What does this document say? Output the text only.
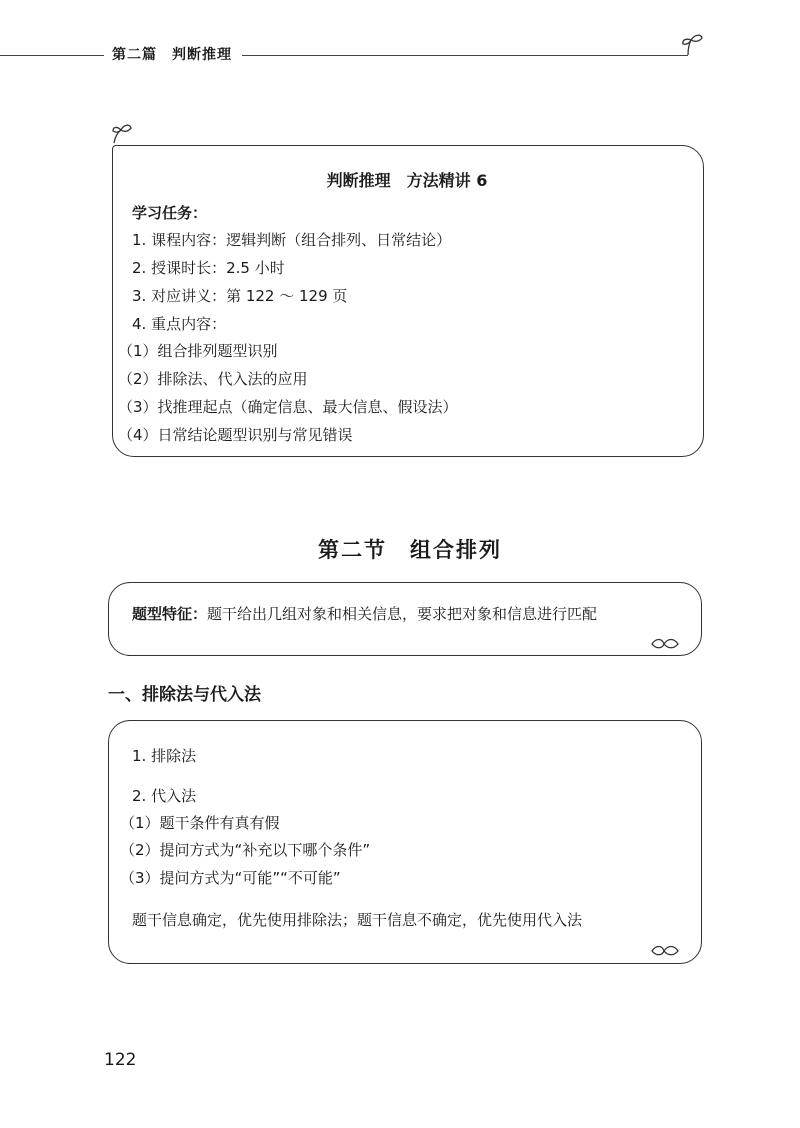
第二篇　判断推理
判断推理　方法精讲 6
学习任务：
1. 课程内容：逻辑判断（组合排列、日常结论）
2. 授课时长：2.5 小时
3. 对应讲义：第 122 ～ 129 页
4. 重点内容：
（1）组合排列题型识别
（2）排除法、代入法的应用
（3）找推理起点（确定信息、最大信息、假设法）
（4）日常结论题型识别与常见错误
第二节　组合排列
题型特征：题干给出几组对象和相关信息，要求把对象和信息进行匹配
一、排除法与代入法
1. 排除法
2. 代入法
（1）题干条件有真有假
（2）提问方式为“补充以下哪个条件”
（3）提问方式为“可能”“不可能”
题干信息确定，优先使用排除法；题干信息不确定，优先使用代入法
122
